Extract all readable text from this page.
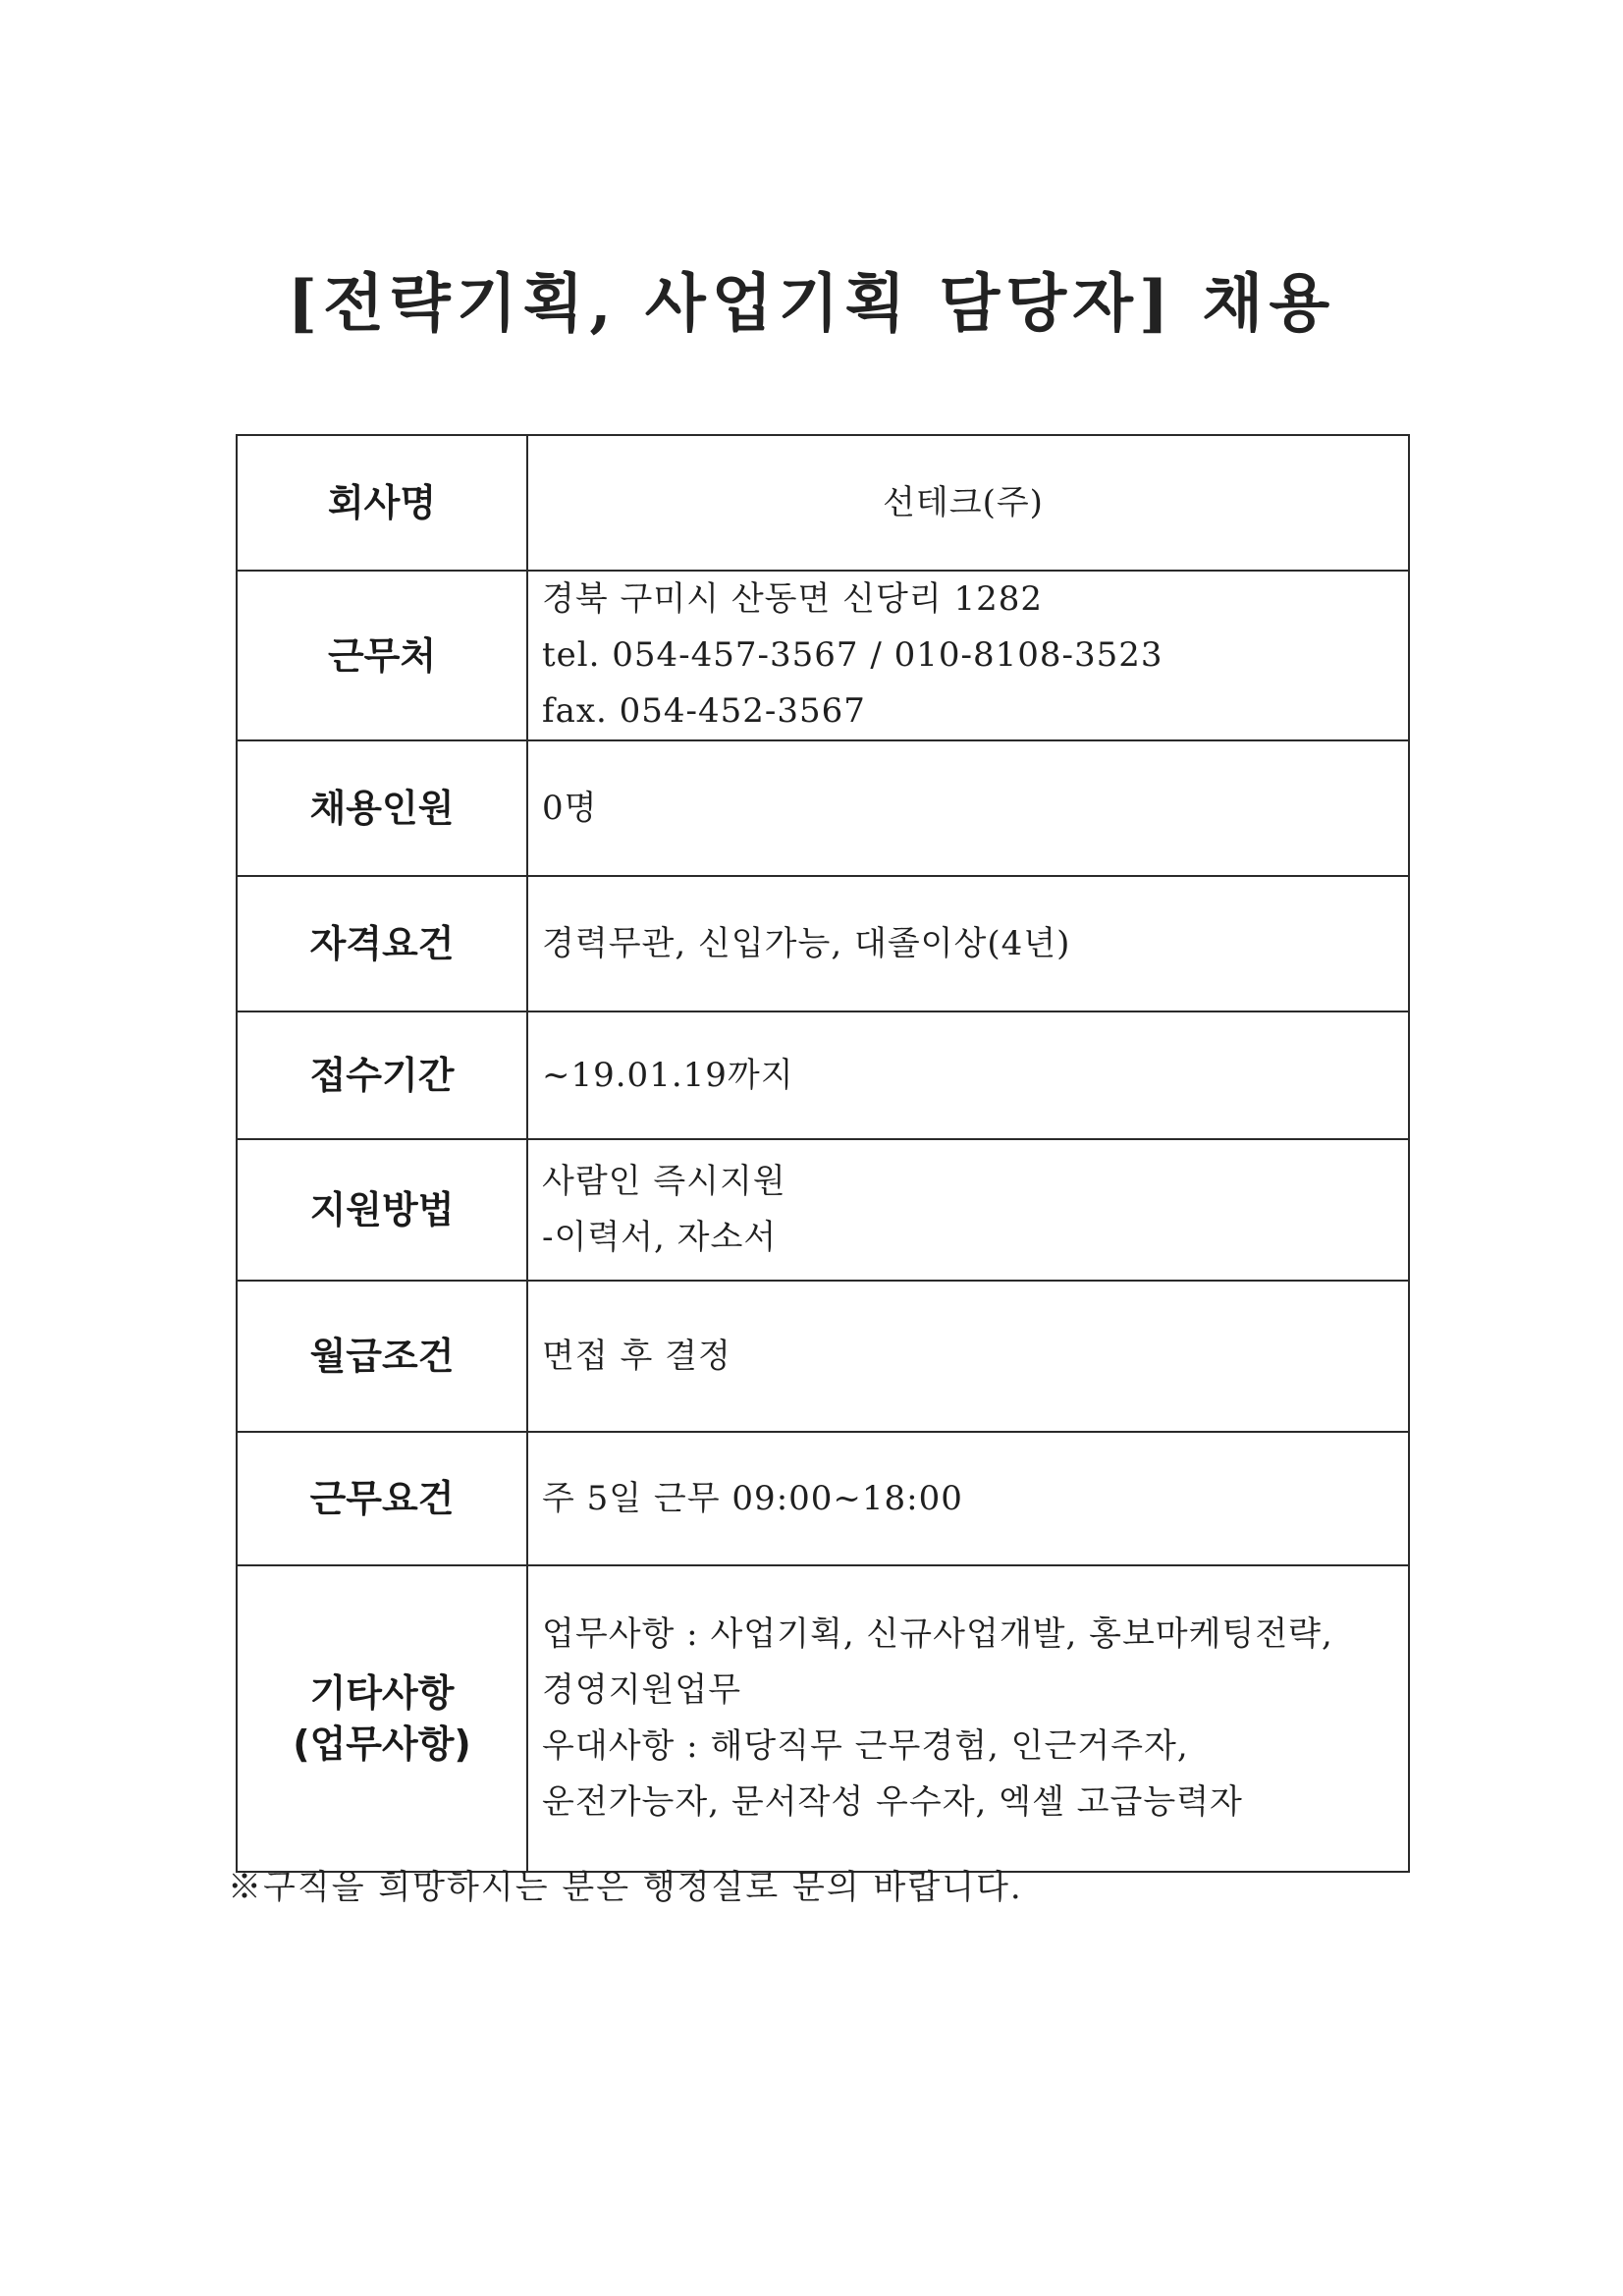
[전략기획, 사업기획 담당자] 채용
회사명	선테크(주)

근무처	경북 구미시 산동면 신당리 1282
tel. 054-457-3567 / 010-8108-3523
fax. 054-452-3567

채용인원	0명

자격요건	경력무관, 신입가능, 대졸이상(4년)

접수기간	~19.01.19까지

지원방법	사람인 즉시지원
-이력서, 자소서

월급조건	면접 후 결정

근무요건	주 5일 근무 09:00~18:00

기타사항
(업무사항)	업무사항 : 사업기획, 신규사업개발, 홍보마케팅전략,
경영지원업무
우대사항 : 해당직무 근무경험, 인근거주자,
운전가능자, 문서작성 우수자, 엑셀 고급능력자
※구직을 희망하시는 분은 행정실로 문의 바랍니다.
